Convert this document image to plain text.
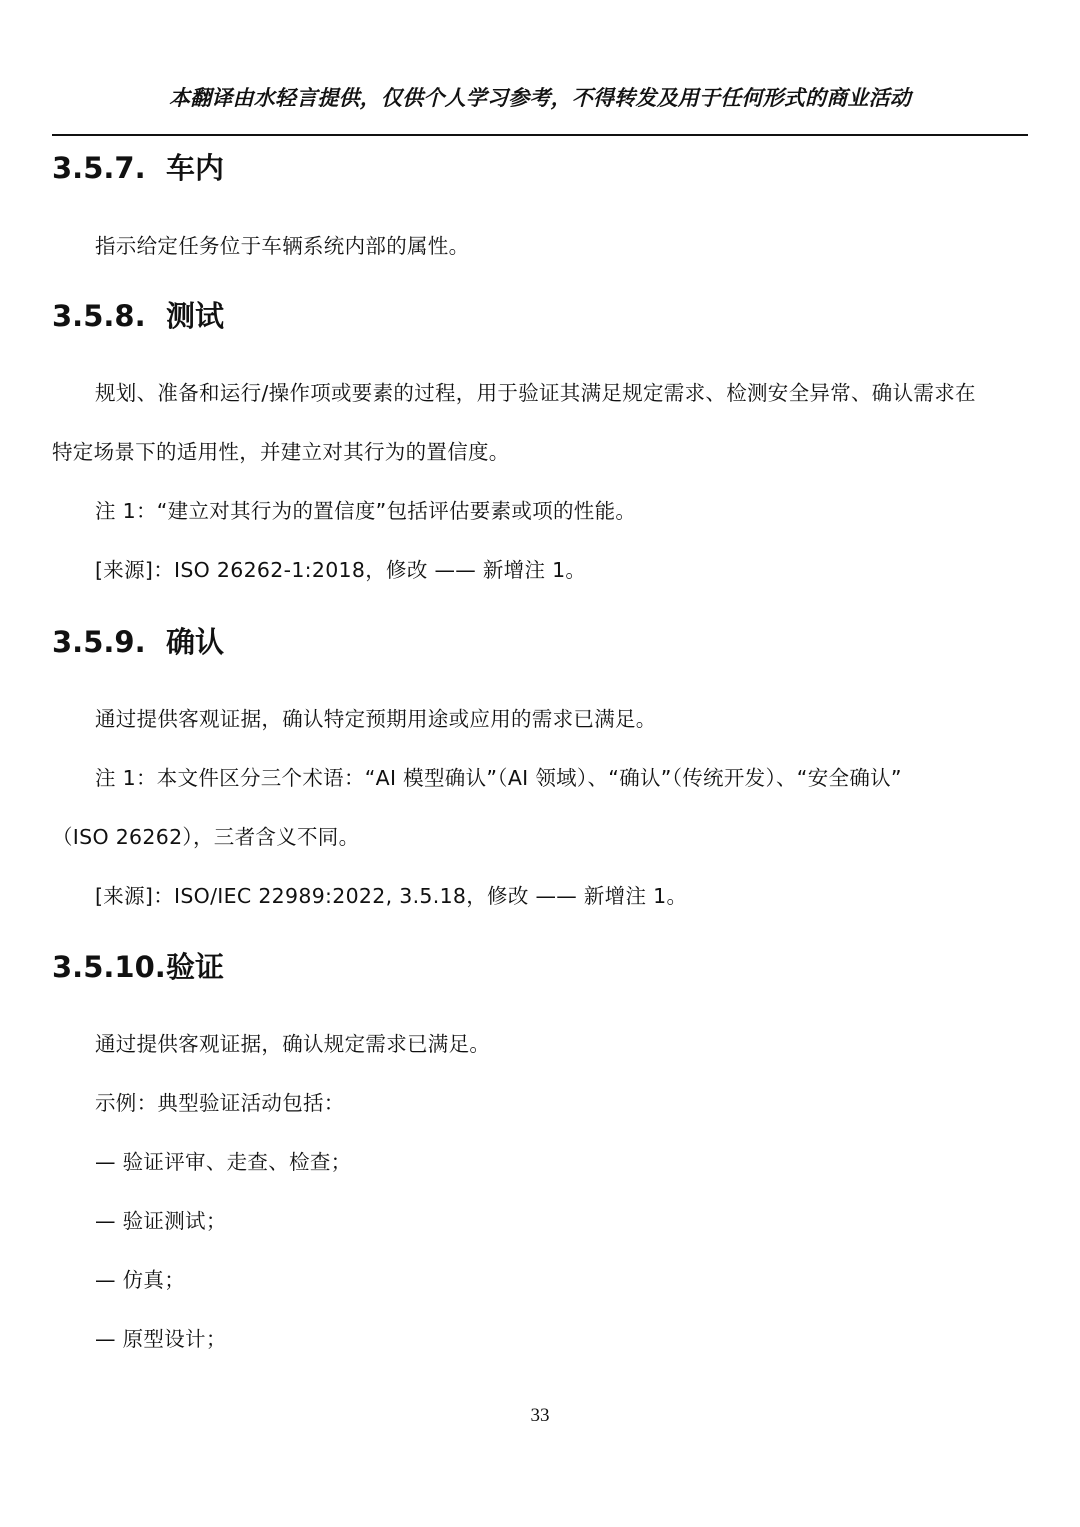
本翻译由水轻言提供，仅供个人学习参考，不得转发及用于任何形式的商业活动
3.5.7. 车内
指示给定任务位于车辆系统内部的属性。
3.5.8. 测试
规划、准备和运行/操作项或要素的过程，用于验证其满足规定需求、检测安全异常、确认需求在
特定场景下的适用性，并建立对其行为的置信度。
注 1：“建立对其行为的置信度”包括评估要素或项的性能。
[来源]：ISO 26262-1:2018，修改 —— 新增注 1。
3.5.9. 确认
通过提供客观证据，确认特定预期用途或应用的需求已满足。
注 1：本文件区分三个术语：“AI 模型确认”（AI 领域）、“确认”（传统开发）、“安全确认”
（ISO 26262），三者含义不同。
[来源]：ISO/IEC 22989:2022, 3.5.18，修改 —— 新增注 1。
3.5.10.验证
通过提供客观证据，确认规定需求已满足。
示例：典型验证活动包括：
— 验证评审、走查、检查；
— 验证测试；
— 仿真；
— 原型设计；
33
